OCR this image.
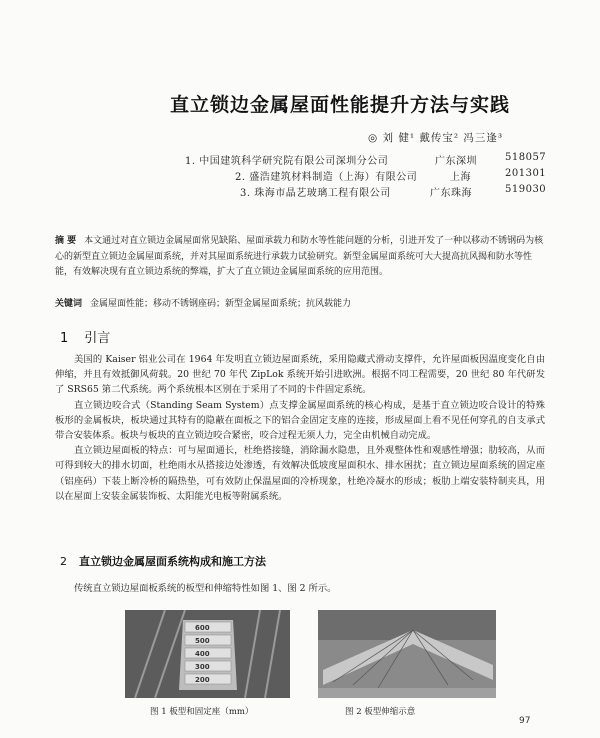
直立锁边金属屋面性能提升方法与实践
◎ 刘 健¹ 戴传宝² 冯三逢³
1. 中国建筑科学研究院有限公司深圳分公司	广东深圳	518057
2. 盛浩建筑材料制造（上海）有限公司	上海	201301
3. 珠海市晶艺玻璃工程有限公司	广东珠海	519030
摘 要 本文通过对直立锁边金属屋面常见缺陷、屋面承载力和防水等性能问题的分析，引进开发了一种以移动不锈钢码为核心的新型直立锁边金属屋面系统，并对其屋面系统进行承载力试验研究。新型金属屋面系统可大大提高抗风揭和防水等性能，有效解决现有直立锁边系统的弊端，扩大了直立锁边金属屋面系统的应用范围。
关键词 金属屋面性能；移动不锈钢座码；新型金属屋面系统；抗风载能力
1 引言

美国的 Kaiser 铝业公司在 1964 年发明直立锁边屋面系统，采用隐藏式滑动支撑件，允许屋面板因温度变化自由伸缩，并且有效抵御风荷载。20 世纪 70 年代 ZipLok 系统开始引进欧洲。根据不同工程需要，20 世纪 80 年代研发了 SRS65 第二代系统。两个系统根本区别在于采用了不同的卡件固定系统。

直立锁边咬合式（Standing Seam System）点支撑金属屋面系统的核心构成，是基于直立锁边咬合设计的特殊板形的金属板块，板块通过其特有的隐蔽在面板之下的铝合金固定支座的连接，形成屋面上看不见任何穿孔的自支承式带合安装体系。板块与板块的直立锁边咬合紧密，咬合过程无须人力，完全由机械自动完成。

直立锁边屋面板的特点：可与屋面通长，杜绝搭接缝，消除漏水隐患，且外观整体性和观感性增强；肋较高，从而可得到较大的排水切面，杜绝雨水从搭接边处渗透，有效解决低坡度屋面积水、排水困扰；直立锁边屋面系统的固定座（铝座码）下装上断冷桥的隔热垫，可有效防止保温屋面的冷桥现象，杜绝冷凝水的形成；板肋上端安装特制夹具，用以在屋面上安装金属装饰板、太阳能光电板等附属系统。

2 直立锁边金属屋面系统构成和施工方法
传统直立锁边屋面板系统的板型和伸缩特性如图 1、图 2 所示。
600
500
400
300
200
图 1 板型和固定座（mm）	图 2 板型伸缩示意
97
